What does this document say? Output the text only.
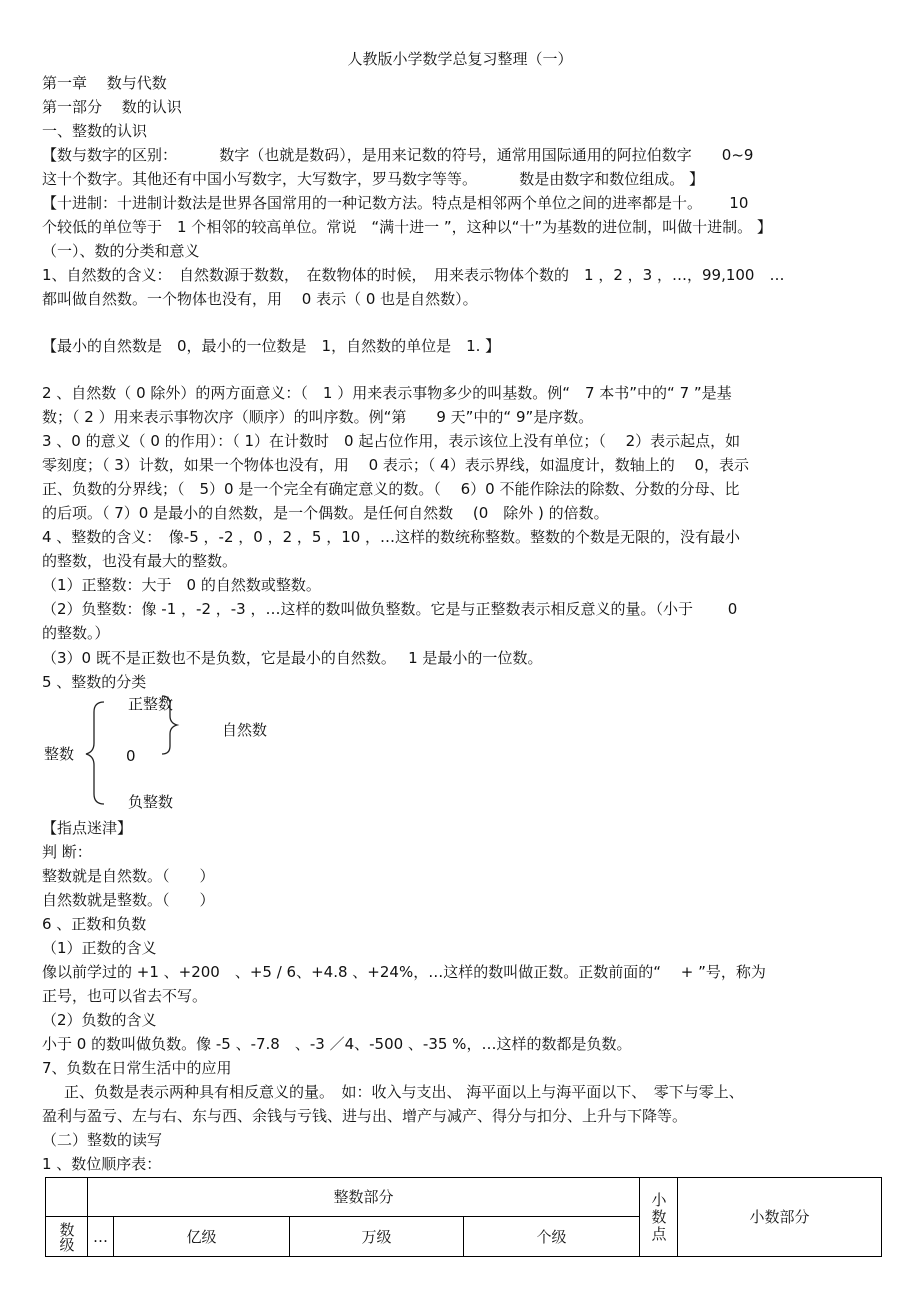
人教版小学数学总复习整理（一）
第一章　 数与代数
第一部分　 数的认识
一、整数的认识
【数与数字的区别：　　　 数字（也就是数码），是用来记数的符号，通常用国际通用的阿拉伯数字　　0~9
这十个数字。其他还有中国小写数字，大写数字，罗马数字等等。　　　 数是由数字和数位组成。 】
【十进制：十进制计数法是世界各国常用的一种记数方法。特点是相邻两个单位之间的进率都是十。　　 10
个较低的单位等于　1 个相邻的较高单位。常说　“满十进一 ”，这种以“十”为基数的进位制，叫做十进制。 】
（一）、数的分类和意义
1、自然数的含义：　自然数源于数数，　在数物体的时候，　用来表示物体个数的　1 ，2 ，3 ，…，99,100　…
都叫做自然数。一个物体也没有，用　 0 表示（ 0 也是自然数）。
【最小的自然数是　0，最小的一位数是　1，自然数的单位是　1. 】
2 、自然数（ 0 除外）的两方面意义：（　1 ）用来表示事物多少的叫基数。例“　7 本书”中的“ 7 ”是基
数；（ 2 ）用来表示事物次序（顺序）的叫序数。例“第　　9 天”中的“ 9”是序数。
3 、0 的意义（ 0 的作用）：（ 1）在计数时　0 起占位作用，表示该位上没有单位；（　 2）表示起点，如
零刻度；（ 3）计数，如果一个物体也没有，用　 0 表示；（ 4）表示界线，如温度计，数轴上的　 0，表示
正、负数的分界线；（　5）0 是一个完全有确定意义的数。（　 6）0 不能作除法的除数、分数的分母、比
的后项。（ 7）0 是最小的自然数，是一个偶数。是任何自然数　 (0　除外 ) 的倍数。
4 、整数的含义：　像-5 ，-2 ，0 ，2 ，5 ，10 ，…这样的数统称整数。整数的个数是无限的，没有最小
的整数，也没有最大的整数。
（1）正整数：大于　0 的自然数或整数。
（2）负整数：像 -1 ，-2 ，-3 ，…这样的数叫做负整数。它是与正整数表示相反意义的量。（小于　　 0
的整数。）
（3）0 既不是正数也不是负数，它是最小的自然数。　 1 是最小的一位数。
5 、整数的分类
正整数
自然数
整数	0
负整数
【指点迷津】
判 断：
整数就是自然数。（　　）
自然数就是整数。（　　）
6 、正数和负数
（1）正数的含义
像以前学过的 +1 、+200　、+5 / 6、+4.8 、+24%，…这样的数叫做正数。正数前面的“　 + ”号，称为
正号，也可以省去不写。
（2）负数的含义
小于 0 的数叫做负数。像 -5 、-7.8　、-3 ／4、-500 、-35 %，…这样的数都是负数。
7、负数在日常生活中的应用
正、负数是表示两种具有相反意义的量。　如：收入与支出、 海平面以上与海平面以下、　零下与零上、
盈利与盈亏、左与右、东与西、余钱与亏钱、进与出、增产与减产、得分与扣分、上升与下降等。
（二）整数的读写
1 、数位顺序表：
	整数部分				小数点	小数部分
数级	…	亿级	万级	个级		
